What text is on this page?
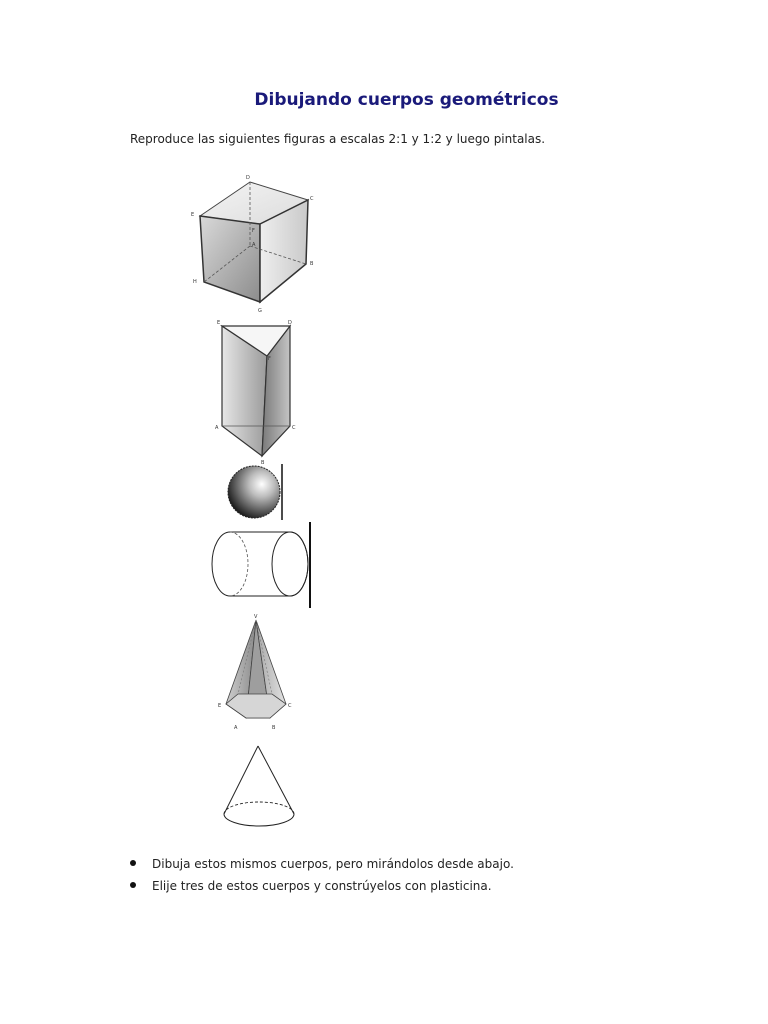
Dibujando cuerpos geométricos
Reproduce las siguientes figuras a escalas 2:1 y 1:2 y luego pintalas.
D
C
E
F
A
B
H
G
E	D
F
A	C
B
V
E	C
A	B
Dibuja estos mismos cuerpos, pero mirándolos desde abajo.
Elije tres de estos cuerpos y constrúyelos con plasticina.
